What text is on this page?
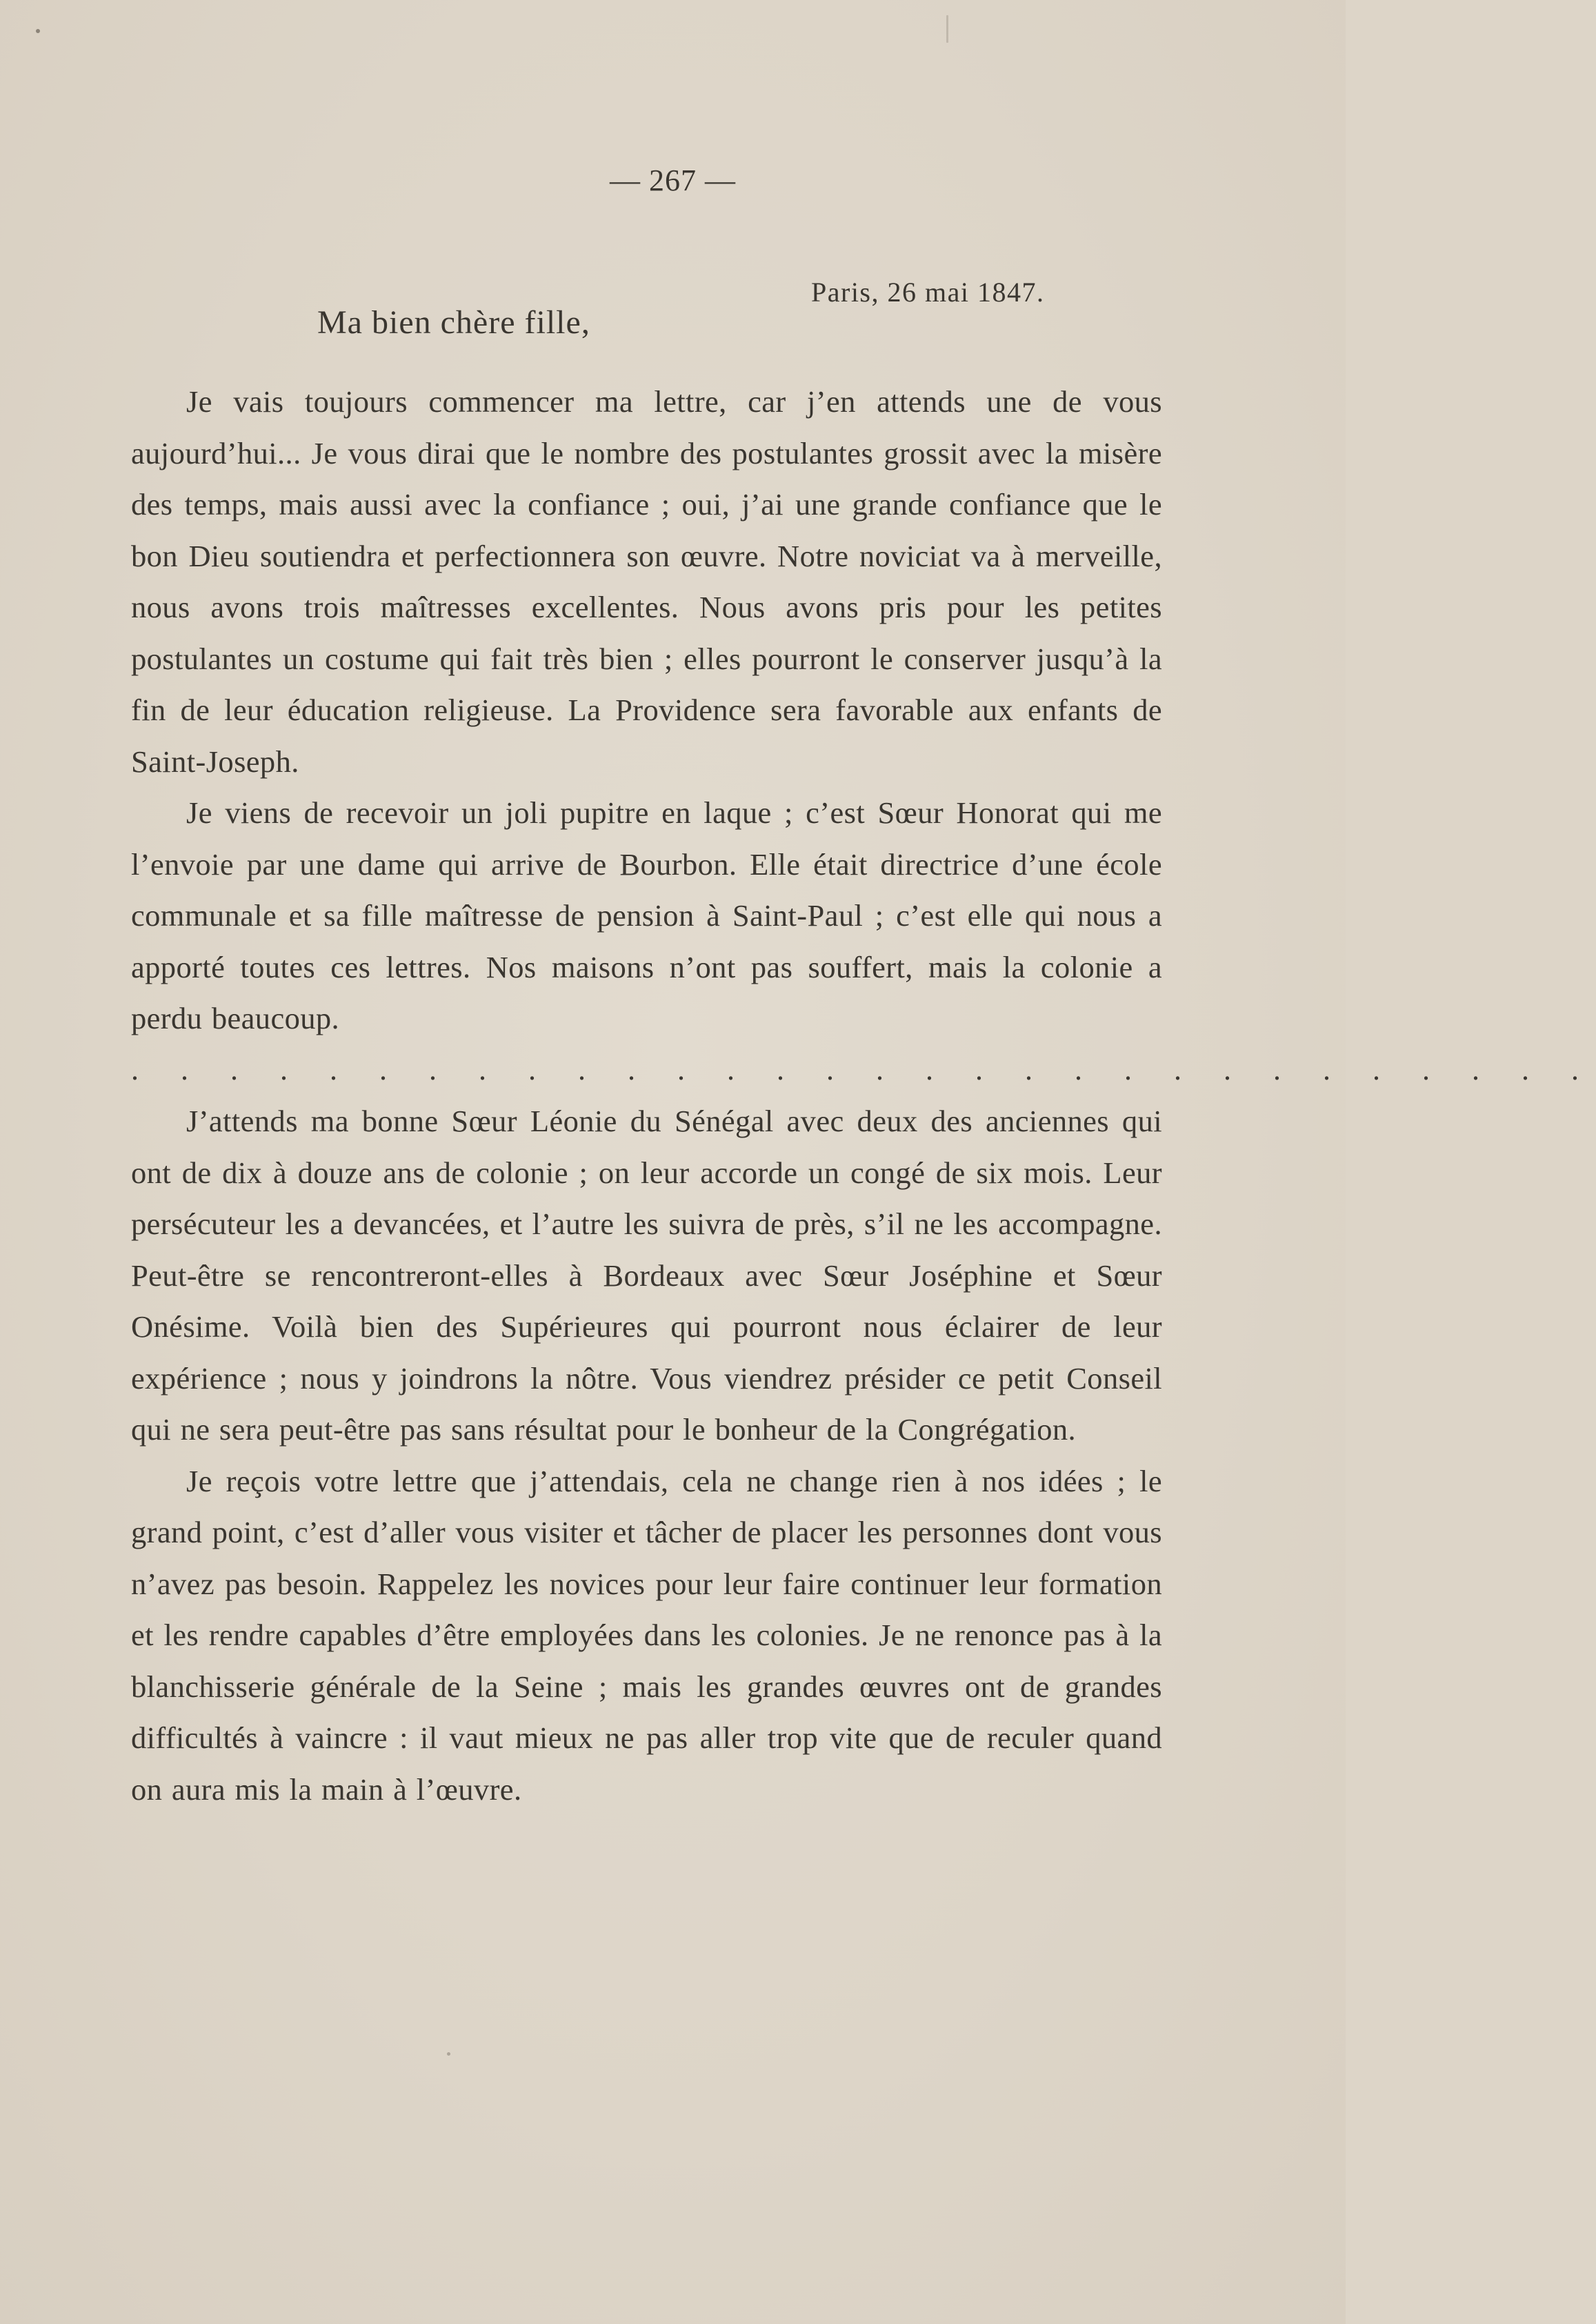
— 267 —
Paris, 26 mai 1847.
Ma bien chère fille,

Je vais toujours commencer ma lettre, car j’en attends une de vous aujourd’hui... Je vous dirai que le nombre des postulantes grossit avec la misère des temps, mais aussi avec la confiance ; oui, j’ai une grande confiance que le bon Dieu soutiendra et perfectionnera son œuvre. Notre noviciat va à merveille, nous avons trois maîtresses excellentes. Nous avons pris pour les petites postulantes un costume qui fait très bien ; elles pourront le conserver jusqu’à la fin de leur éducation religieuse. La Providence sera favorable aux enfants de Saint-Joseph.

Je viens de recevoir un joli pupitre en laque ; c’est Sœur Honorat qui me l’envoie par une dame qui arrive de Bourbon. Elle était directrice d’une école communale et sa fille maîtresse de pension à Saint-Paul ; c’est elle qui nous a apporté toutes ces lettres. Nos maisons n’ont pas souffert, mais la colonie a perdu beaucoup.

. . . . . . . . . . . . . . . . . . . . . . . . . . . . . .

J’attends ma bonne Sœur Léonie du Sénégal avec deux des anciennes qui ont de dix à douze ans de colonie ; on leur accorde un congé de six mois. Leur persécuteur les a devancées, et l’autre les suivra de près, s’il ne les accompagne. Peut-être se rencontreront-elles à Bordeaux avec Sœur Joséphine et Sœur Onésime. Voilà bien des Supérieures qui pourront nous éclairer de leur expérience ; nous y joindrons la nôtre. Vous viendrez présider ce petit Conseil qui ne sera peut-être pas sans résultat pour le bonheur de la Congrégation.

Je reçois votre lettre que j’attendais, cela ne change rien à nos idées ; le grand point, c’est d’aller vous visiter et tâcher de placer les personnes dont vous n’avez pas besoin. Rappelez les novices pour leur faire continuer leur formation et les rendre capables d’être employées dans les colonies. Je ne renonce pas à la blanchisserie générale de la Seine ; mais les grandes œuvres ont de grandes difficultés à vaincre : il vaut mieux ne pas aller trop vite que de reculer quand on aura mis la main à l’œuvre.
